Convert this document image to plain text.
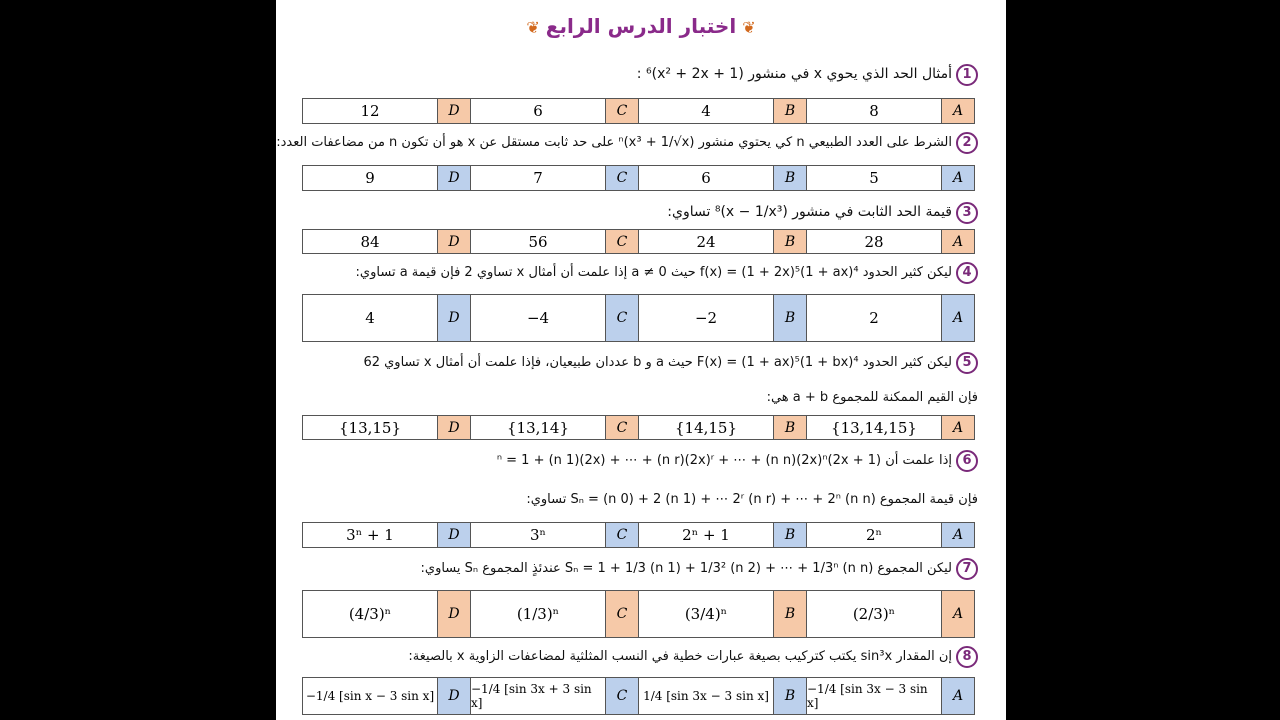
❦ اختبار الدرس الرابع ❦
1أمثال الحد الذي يحوي x في منشور (x² + 2x + 1)⁶ :
A
8
B
4
C
6
D
12
2الشرط على العدد الطبيعي n كي يحتوي منشور (x³ + 1/√x)ⁿ على حد ثابت مستقل عن x هو أن تكون n من مضاعفات العدد:
A
5
B
6
C
7
D
9
3قيمة الحد الثابت في منشور (x − 1/x³)⁸ تساوي:
A
28
B
24
C
56
D
84
4ليكن كثير الحدود f(x) = (1 + 2x)⁵(1 + ax)⁴ حيث a ≠ 0 إذا علمت أن أمثال x تساوي 2 فإن قيمة a تساوي:
A
2
B
−2
C
−4
D
4
5ليكن كثير الحدود F(x) = (1 + ax)⁵(1 + bx)⁴ حيث a و b عددان طبيعيان، فإذا علمت أن أمثال x تساوي 62
فإن القيم الممكنة للمجموع a + b هي:
A
{13,14,15}
B
{14,15}
C
{13,14}
D
{13,15}
6إذا علمت أن (1 + 2x)ⁿ = 1 + (n 1)(2x) + ⋯ + (n r)(2x)ʳ + ⋯ + (n n)(2x)ⁿ
فإن قيمة المجموع Sₙ = (n 0) + 2 (n 1) + ⋯ 2ʳ (n r) + ⋯ + 2ⁿ (n n) تساوي:
A
2ⁿ
B
2ⁿ + 1
C
3ⁿ
D
3ⁿ + 1
7ليكن المجموع Sₙ = 1 + 1/3 (n 1) + 1/3² (n 2) + ⋯ + 1/3ⁿ (n n) عندئذٍ المجموع Sₙ يساوي:
A
(2/3)ⁿ
B
(3/4)ⁿ
C
(1/3)ⁿ
D
(4/3)ⁿ
8إن المقدار sin³x يكتب كتركيب بصيغة عبارات خطية في النسب المثلثية لمضاعفات الزاوية x بالصيغة:
A
−1/4 [sin 3x − 3 sin x]
B
1/4 [sin 3x − 3 sin x]
C
−1/4 [sin 3x + 3 sin x]
D
−1/4 [sin x − 3 sin x]
